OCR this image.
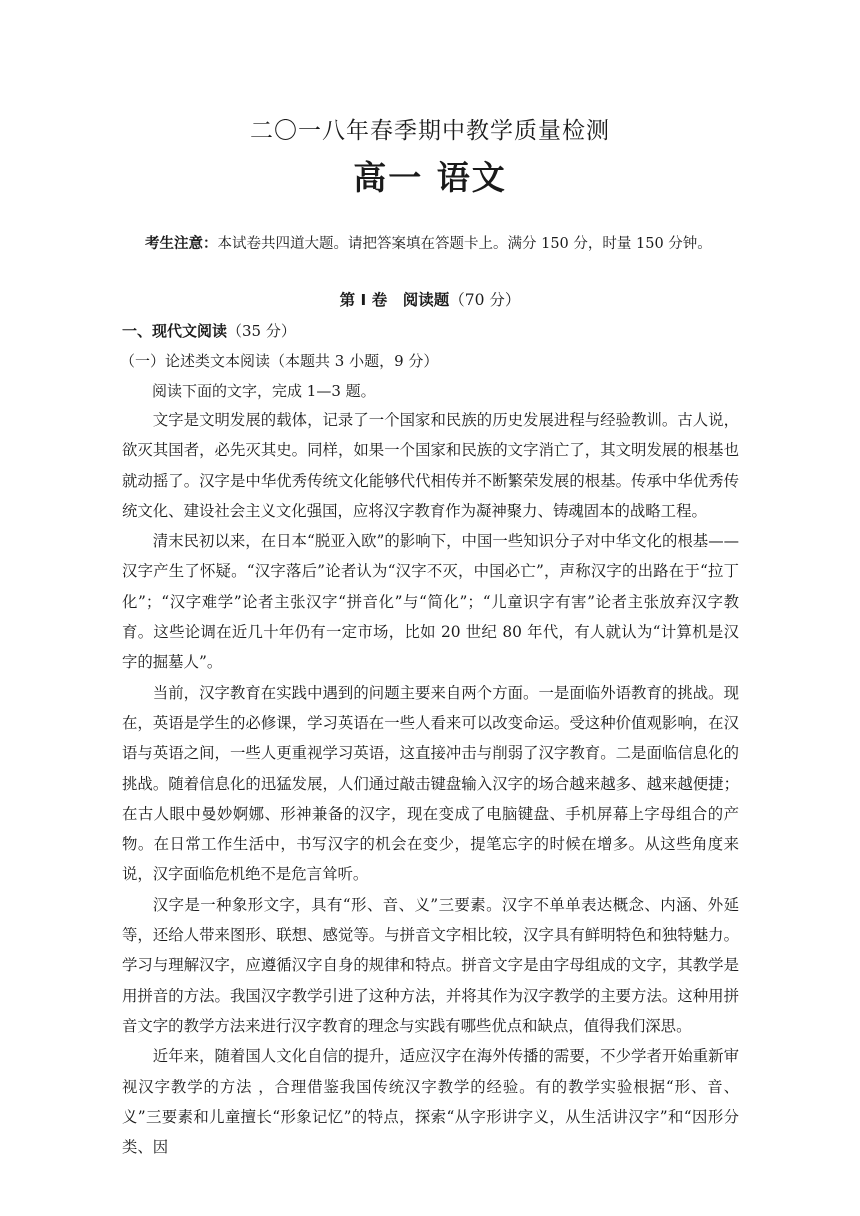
二〇一八年春季期中教学质量检测
高一 语文
考生注意：本试卷共四道大题。请把答案填在答题卡上。满分 150 分，时量 150 分钟。
第 I 卷　阅读题（70 分）
一、现代文阅读（35 分）
（一）论述类文本阅读（本题共 3 小题，9 分）
阅读下面的文字，完成 1—3 题。

文字是文明发展的载体，记录了一个国家和民族的历史发展进程与经验教训。古人说，欲灭其国者，必先灭其史。同样，如果一个国家和民族的文字消亡了，其文明发展的根基也就动摇了。汉字是中华优秀传统文化能够代代相传并不断繁荣发展的根基。传承中华优秀传统文化、建设社会主义文化强国，应将汉字教育作为凝神聚力、铸魂固本的战略工程。

清末民初以来，在日本“脱亚入欧”的影响下，中国一些知识分子对中华文化的根基——汉字产生了怀疑。“汉字落后”论者认为“汉字不灭，中国必亡”，声称汉字的出路在于“拉丁化”；“汉字难学”论者主张汉字“拼音化”与“简化”；“儿童识字有害”论者主张放弃汉字教育。这些论调在近几十年仍有一定市场，比如 20 世纪 80 年代，有人就认为“计算机是汉字的掘墓人”。

当前，汉字教育在实践中遇到的问题主要来自两个方面。一是面临外语教育的挑战。现在，英语是学生的必修课，学习英语在一些人看来可以改变命运。受这种价值观影响，在汉语与英语之间，一些人更重视学习英语，这直接冲击与削弱了汉字教育。二是面临信息化的挑战。随着信息化的迅猛发展，人们通过敲击键盘输入汉字的场合越来越多、越来越便捷；在古人眼中曼妙婀娜、形神兼备的汉字，现在变成了电脑键盘、手机屏幕上字母组合的产物。在日常工作生活中，书写汉字的机会在变少，提笔忘字的时候在增多。从这些角度来说，汉字面临危机绝不是危言耸听。

汉字是一种象形文字，具有“形、音、义”三要素。汉字不单单表达概念、内涵、外延等，还给人带来图形、联想、感觉等。与拼音文字相比较，汉字具有鲜明特色和独特魅力。学习与理解汉字，应遵循汉字自身的规律和特点。拼音文字是由字母组成的文字，其教学是用拼音的方法。我国汉字教学引进了这种方法，并将其作为汉字教学的主要方法。这种用拼音文字的教学方法来进行汉字教育的理念与实践有哪些优点和缺点，值得我们深思。

近年来，随着国人文化自信的提升，适应汉字在海外传播的需要，不少学者开始重新审视汉字教学的方法 ，合理借鉴我国传统汉字教学的经验。有的教学实验根据“形、音、义”三要素和儿童擅长“形象记忆”的特点，探索“从字形讲字义，从生活讲汉字”和“因形分类、因
